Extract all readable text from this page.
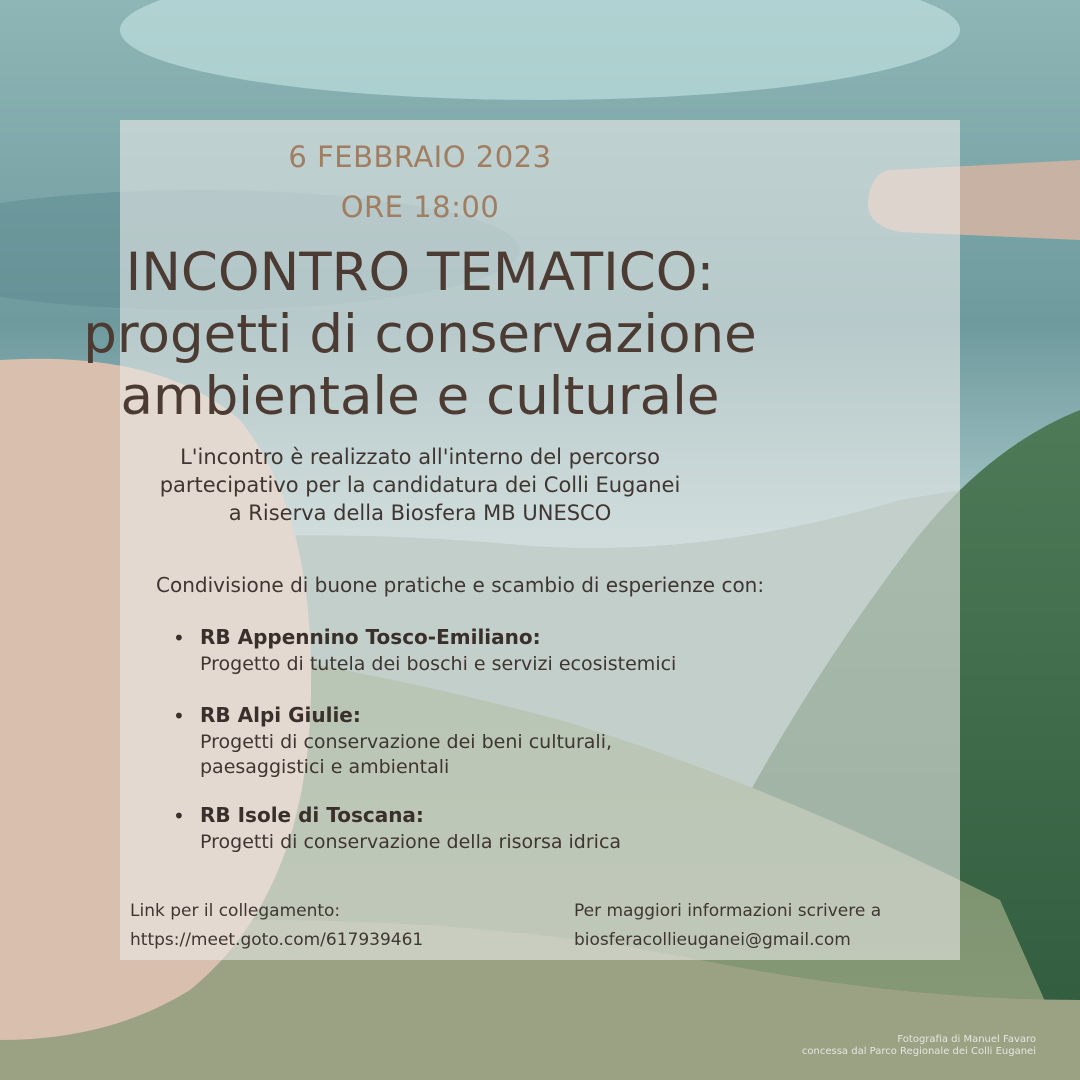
6 FEBBRAIO 2023
ORE 18:00
INCONTRO TEMATICO:
progetti di conservazione
ambientale e culturale
L'incontro è realizzato all'interno del percorso
partecipativo per la candidatura dei Colli Euganei
a Riserva della Biosfera MB UNESCO
Condivisione di buone pratiche e scambio di esperienze con:
• RB Appennino Tosco-Emiliano:
Progetto di tutela dei boschi e servizi ecosistemici
• RB Alpi Giulie:
Progetti di conservazione dei beni culturali,
paesaggistici e ambientali
• RB Isole di Toscana:
Progetti di conservazione della risorsa idrica
Link per il collegamento:
https://meet.goto.com/617939461
Per maggiori informazioni scrivere a
biosferacollieuganei@gmail.com
Fotografia di Manuel Favaro
concessa dal Parco Regionale dei Colli Euganei
